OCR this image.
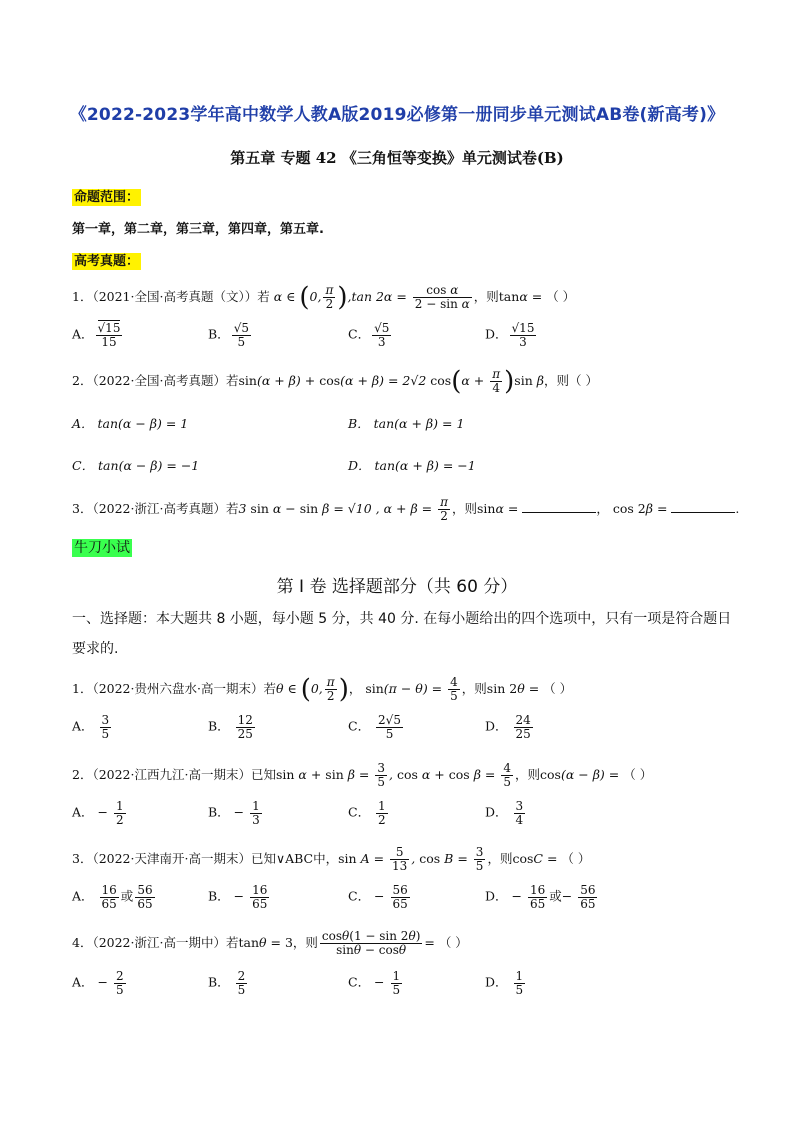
《2022-2023学年高中数学人教A版2019必修第一册同步单元测试AB卷(新高考)》
第五章 专题 42 《三角恒等变换》单元测试卷(B)
命题范围：
第一章，第二章，第三章，第四章，第五章.
高考真题：
1．（2021·全国·高考真题（文））若 α ∈ (0, $\frac{\pi}{2} ),\tan$ $2\alpha = \frac{\text{cos α}}{\text{2 − sin α}}$ ，则tanα = （ ）
A． $\frac{√15}{15}$	B． $\frac{√5}{5}$	C． $\frac{√5}{3}$	D． $\frac{√15}{3}$
2．（2022·全国·高考真题）若sin(α + β) + cos(α + β) = 2√2 $\cos(\alpha + \frac{\pi}{4} )\sin$ β，则（ ）
A． tan(α − β) = 1	B． tan(α + β) = 1
C． tan(α − β) = −1	D． tan(α + β) = −1
3．（2022·浙江·高考真题）若3 sin α − sin β = √10 , $\alpha + \beta = \frac{\pi}{2}$ ，则sinα =	， cos 2β =	.
牛刀小试
第 I 卷 选择题部分（共 60 分）
一、选择题：本大题共 8 小题，每小题 5 分，共 40 分. 在每小题给出的四个选项中，只有一项是符合题日要求的.
1．（2022·贵州六盘水·高一期末）若θ ∈ (0, $\frac{\pi}{2}$ )， $\sin(\pi - \theta) = \frac{4}{5}$ ，则sin 2θ = （ ）
A． $\frac{3}{5}$	B． $\frac{12}{25}$	C． $\frac{2√5}{5}$	D． $\frac{24}{25}$
2．（2022·江西九江·高一期末）已知$\sin \alpha + \sin \beta = \frac{3}{5}$ , $\cos \alpha + \cos \beta = \frac{4}{5}$ ，则cos(α − β) = （ ）
A． − $\frac{1}{2}$	B． − $\frac{1}{3}$	C． $\frac{1}{2}$	D． $\frac{3}{4}$
3．（2022·天津南开·高一期末）已知∨ABC中，$\sin A = \frac{5}{13}$ , $\cos B = \frac{3}{5}$ ，则cosC = （ ）
A． $\frac{16}{65}$ 或 $\frac{56}{65}$	B． − $\frac{16}{65}$	C． − $\frac{56}{65}$	D． − $\frac{16}{65}$ 或− $\frac{56}{65}$
4．（2022·浙江·高一期中）若tanθ = 3，则 $\frac{\cos\theta(1 - \sin 2\theta)}{\sin\theta - \cos\theta}$ = （ ）
A． − $\frac{2}{5}$	B． $\frac{2}{5}$	C． − $\frac{1}{5}$	D． $\frac{1}{5}$
